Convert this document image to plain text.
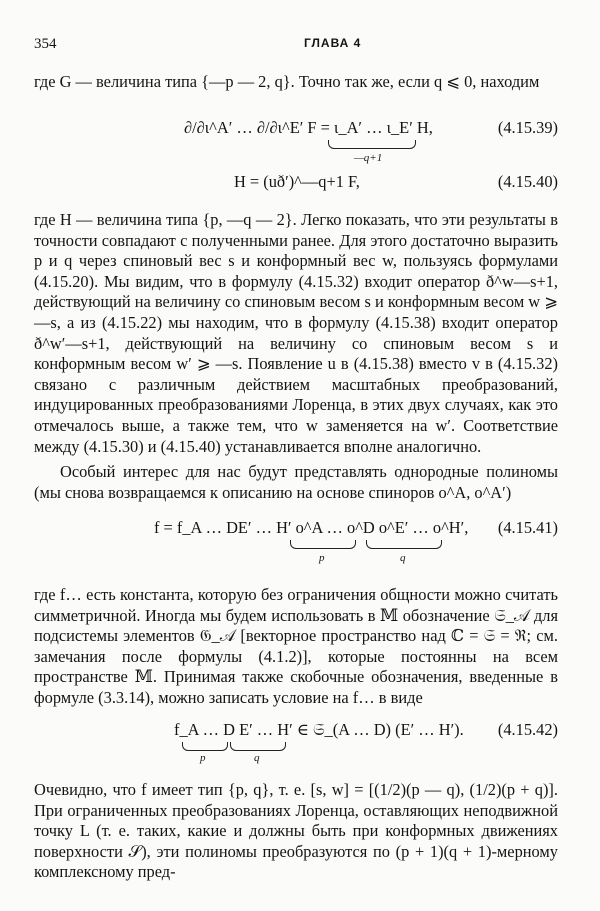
354	ГЛАВА 4

где G — величина типа {—p — 2, q}. Точно так же, если q ⩽ 0, находим

∂/∂ι^A′ … ∂/∂ι^E′ F = ι_A′ … ι_E′ H,
—q+1
(4.15.39)
H = (uð′)^—q+1 F,	(4.15.40)

где H — величина типа {p, —q — 2}. Легко показать, что эти результаты в точности совпадают с полученными ранее. Для этого достаточно выразить p и q через спиновый вес s и конформный вес w, пользуясь формулами (4.15.20). Мы видим, что в формулу (4.15.32) входит оператор ð^w—s+1, действующий на величину со спиновым весом s и конформным весом w ⩾ —s, а из (4.15.22) мы находим, что в формулу (4.15.38) входит оператор ð^w′—s+1, действующий на величину со спиновым весом s и конформным весом w′ ⩾ —s. Появление u в (4.15.38) вместо v в (4.15.32) связано с различным действием масштабных преобразований, индуцированных преобразованиями Лоренца, в этих двух случаях, как это отмечалось выше, а также тем, что w заменяется на w′. Соответствие между (4.15.30) и (4.15.40) устанавливается вполне аналогично.

Особый интерес для нас будут представлять однородные полиномы (мы снова возвращаемся к описанию на основе спиноров o^A, o^A′)

f = f_A … DE′ … H′ o^A … o^D o^E′ … o^H′,
p	q
(4.15.41)

где f… есть константа, которую без ограничения общности можно считать симметричной. Иногда мы будем использовать в 𝕄 обозначение 𝔖_𝒜 для подсистемы элементов 𝔊_𝒜 [векторное пространство над ℂ = 𝔖 = ℜ; см. замечания после формулы (4.1.2)], которые постоянны на всем пространстве 𝕄. Принимая также скобочные обозначения, введенные в формуле (3.3.14), можно записать условие на f… в виде

f_A … D E′ … H′ ∈ 𝔖_(A … D) (E′ … H′).
p	q
(4.15.42)

Очевидно, что f имеет тип {p, q}, т. е. [s, w] = [(1/2)(p — q), (1/2)(p + q)]. При ограниченных преобразованиях Лоренца, оставляющих неподвижной точку L (т. е. таких, какие и должны быть при конформных движениях поверхности 𝒮), эти полиномы преобразуются по (p + 1)(q + 1)-мерному комплексному пред-
